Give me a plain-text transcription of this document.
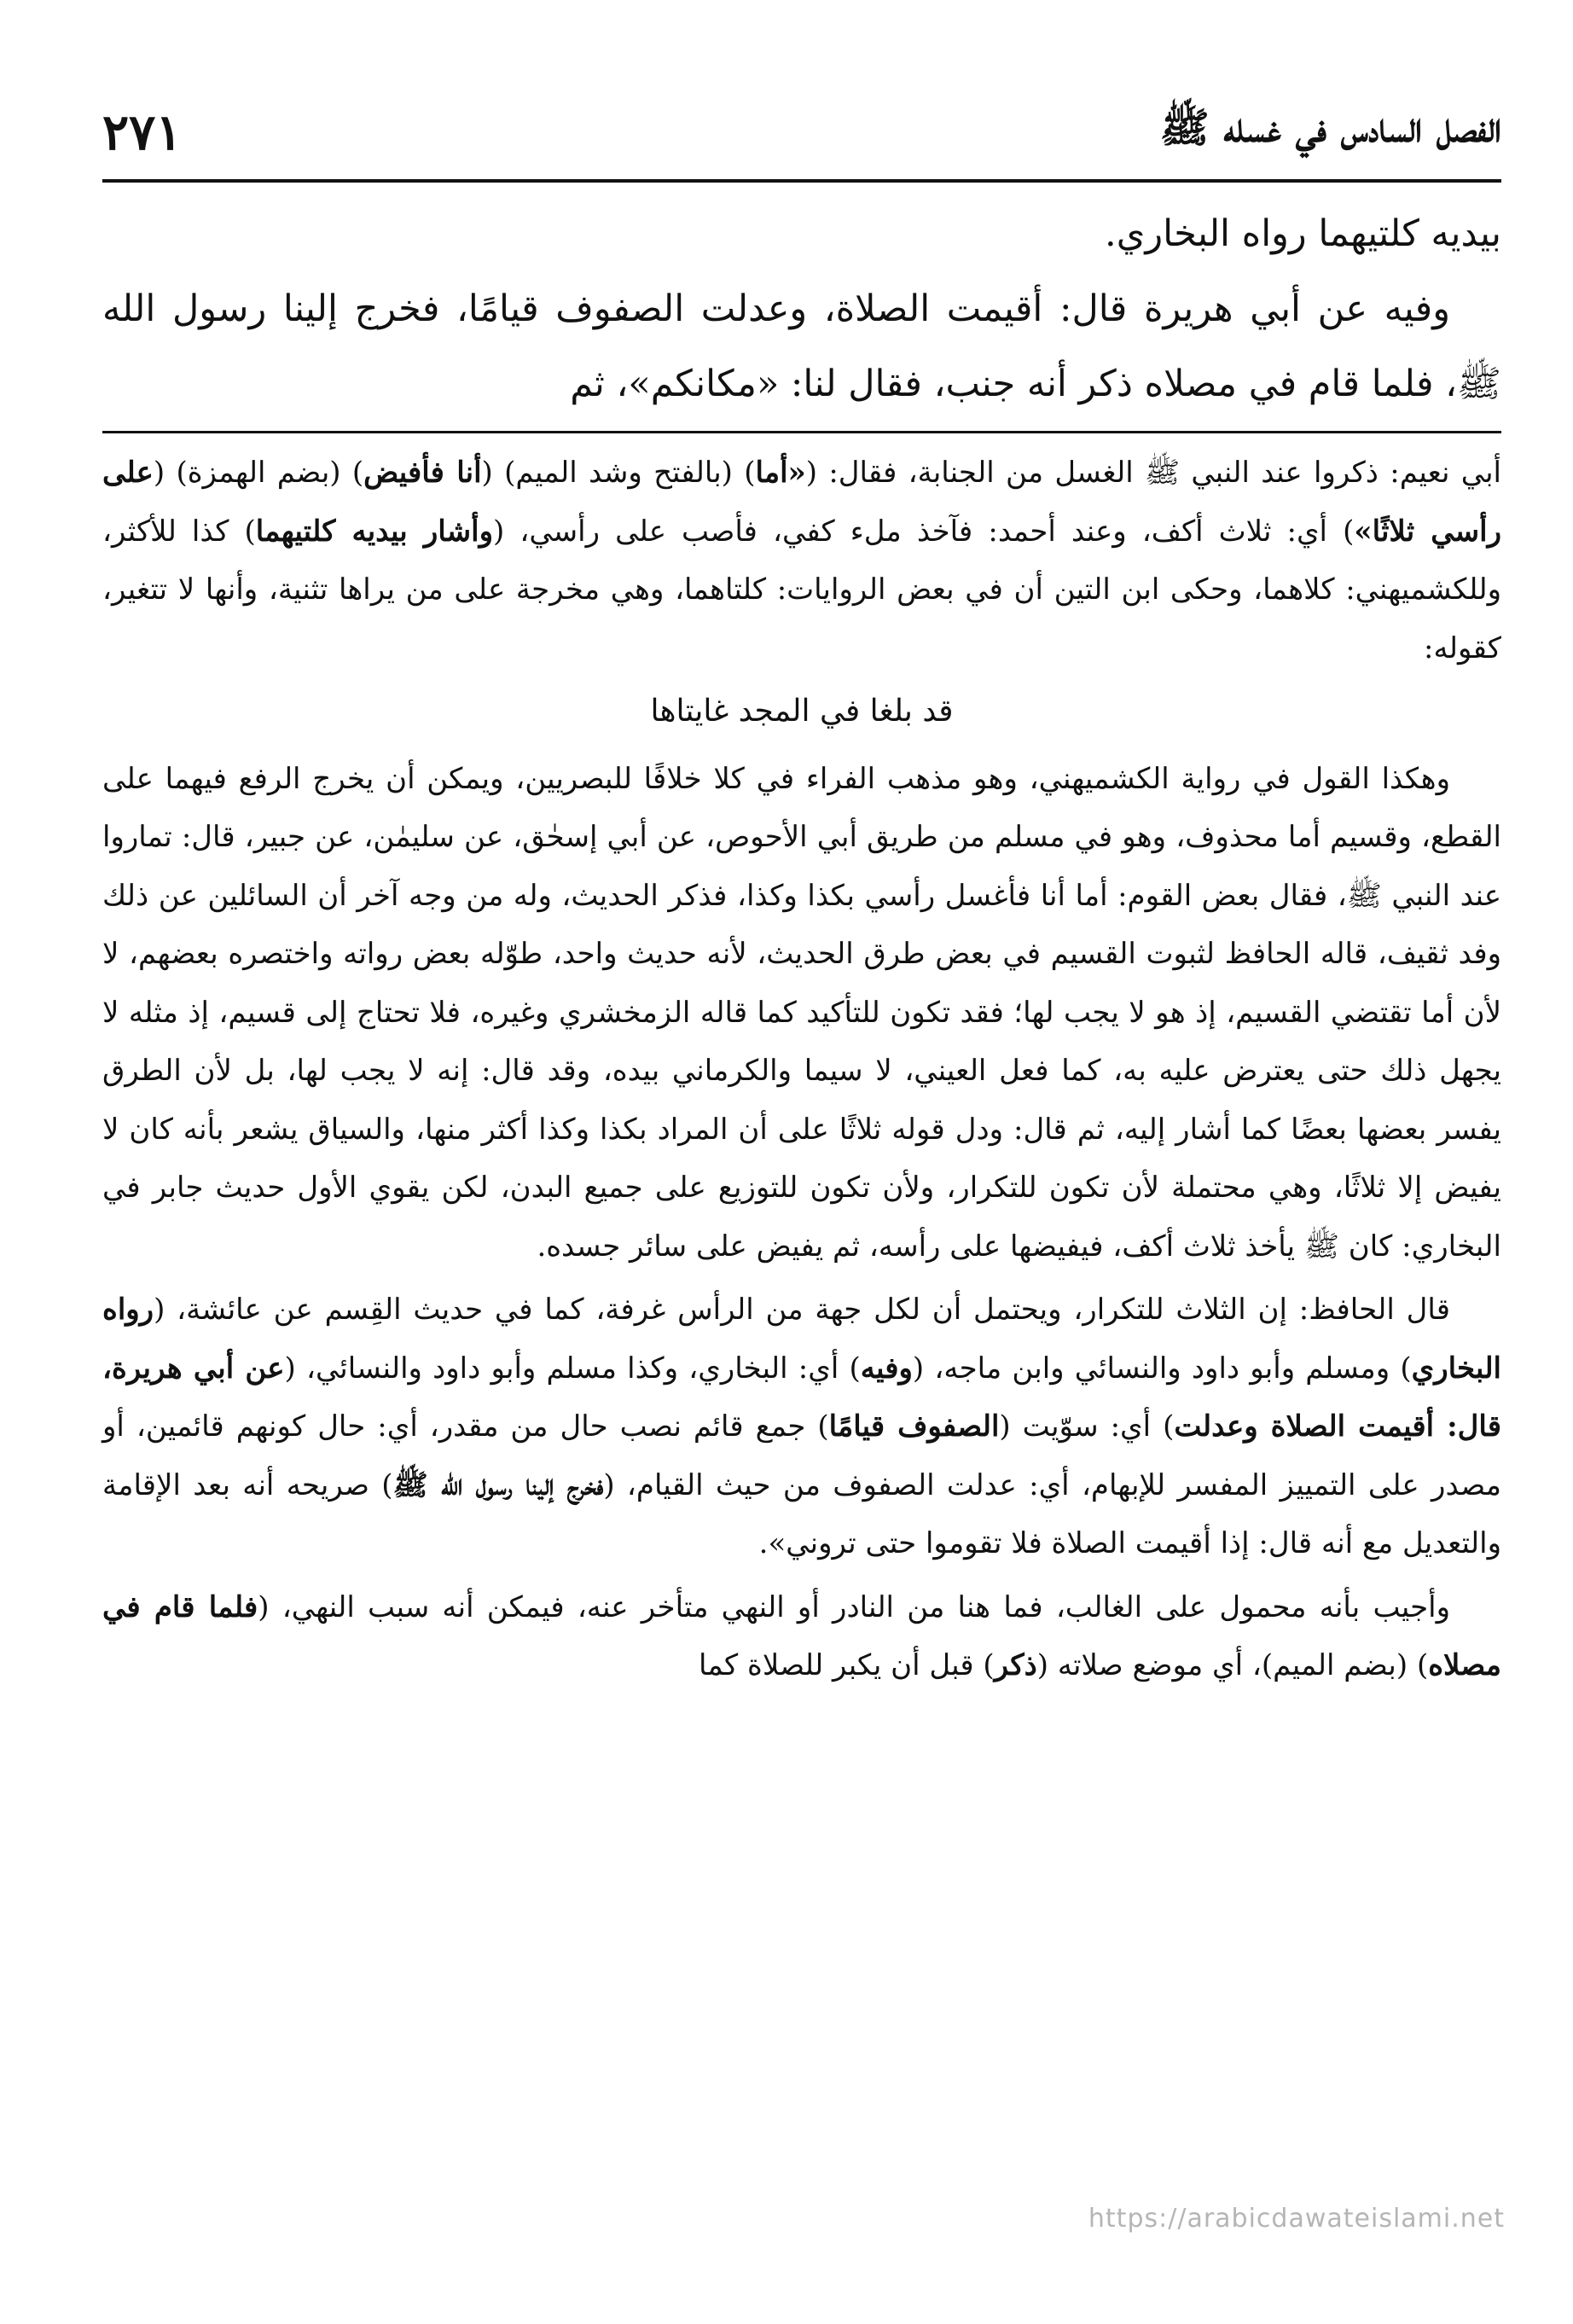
الفصل السادس في غسله ﷺ
٢٧١

بيديه كلتيهما رواه البخاري.

وفيه عن أبي هريرة قال: أقيمت الصلاة، وعدلت الصفوف قيامًا، فخرج إلينا رسول الله ﷺ، فلما قام في مصلاه ذكر أنه جنب، فقال لنا: «مكانكم»، ثم

أبي نعيم: ذكروا عند النبي ﷺ الغسل من الجنابة، فقال: («أما) (بالفتح وشد الميم) (أنا فأفيض) (بضم الهمزة) (على رأسي ثلاثًا») أي: ثلاث أكف، وعند أحمد: فآخذ ملء كفي، فأصب على رأسي، (وأشار بيديه كلتيهما) كذا للأكثر، وللكشميهني: كلاهما، وحكى ابن التين أن في بعض الروايات: كلتاهما، وهي مخرجة على من يراها تثنية، وأنها لا تتغير، كقوله:

قد بلغا في المجد غايتاها

وهكذا القول في رواية الكشميهني، وهو مذهب الفراء في كلا خلافًا للبصريين، ويمكن أن يخرج الرفع فيهما على القطع، وقسيم أما محذوف، وهو في مسلم من طريق أبي الأحوص، عن أبي إسحٰق، عن سليمٰن، عن جبير، قال: تماروا عند النبي ﷺ، فقال بعض القوم: أما أنا فأغسل رأسي بكذا وكذا، فذكر الحديث، وله من وجه آخر أن السائلين عن ذلك وفد ثقيف، قاله الحافظ لثبوت القسيم في بعض طرق الحديث، لأنه حديث واحد، طوّله بعض رواته واختصره بعضهم، لا لأن أما تقتضي القسيم، إذ هو لا يجب لها؛ فقد تكون للتأكيد كما قاله الزمخشري وغيره، فلا تحتاج إلى قسيم، إذ مثله لا يجهل ذلك حتى يعترض عليه به، كما فعل العيني، لا سيما والكرماني بيده، وقد قال: إنه لا يجب لها، بل لأن الطرق يفسر بعضها بعضًا كما أشار إليه، ثم قال: ودل قوله ثلاثًا على أن المراد بكذا وكذا أكثر منها، والسياق يشعر بأنه كان لا يفيض إلا ثلاثًا، وهي محتملة لأن تكون للتكرار، ولأن تكون للتوزيع على جميع البدن، لكن يقوي الأول حديث جابر في البخاري: كان ﷺ يأخذ ثلاث أكف، فيفيضها على رأسه، ثم يفيض على سائر جسده.

قال الحافظ: إن الثلاث للتكرار، ويحتمل أن لكل جهة من الرأس غرفة، كما في حديث القِسم عن عائشة، (رواه البخاري) ومسلم وأبو داود والنسائي وابن ماجه، (وفيه) أي: البخاري، وكذا مسلم وأبو داود والنسائي، (عن أبي هريرة، قال: أقيمت الصلاة وعدلت) أي: سوّيت (الصفوف قيامًا) جمع قائم نصب حال من مقدر، أي: حال كونهم قائمين، أو مصدر على التمييز المفسر للإبهام، أي: عدلت الصفوف من حيث القيام، (فخرج إلينا رسول الله ﷺ) صريحه أنه بعد الإقامة والتعديل مع أنه قال: إذا أقيمت الصلاة فلا تقوموا حتى تروني».

وأجيب بأنه محمول على الغالب، فما هنا من النادر أو النهي متأخر عنه، فيمكن أنه سبب النهي، (فلما قام في مصلاه) (بضم الميم)، أي موضع صلاته (ذكر) قبل أن يكبر للصلاة كما

https://arabicdawateislami.net
